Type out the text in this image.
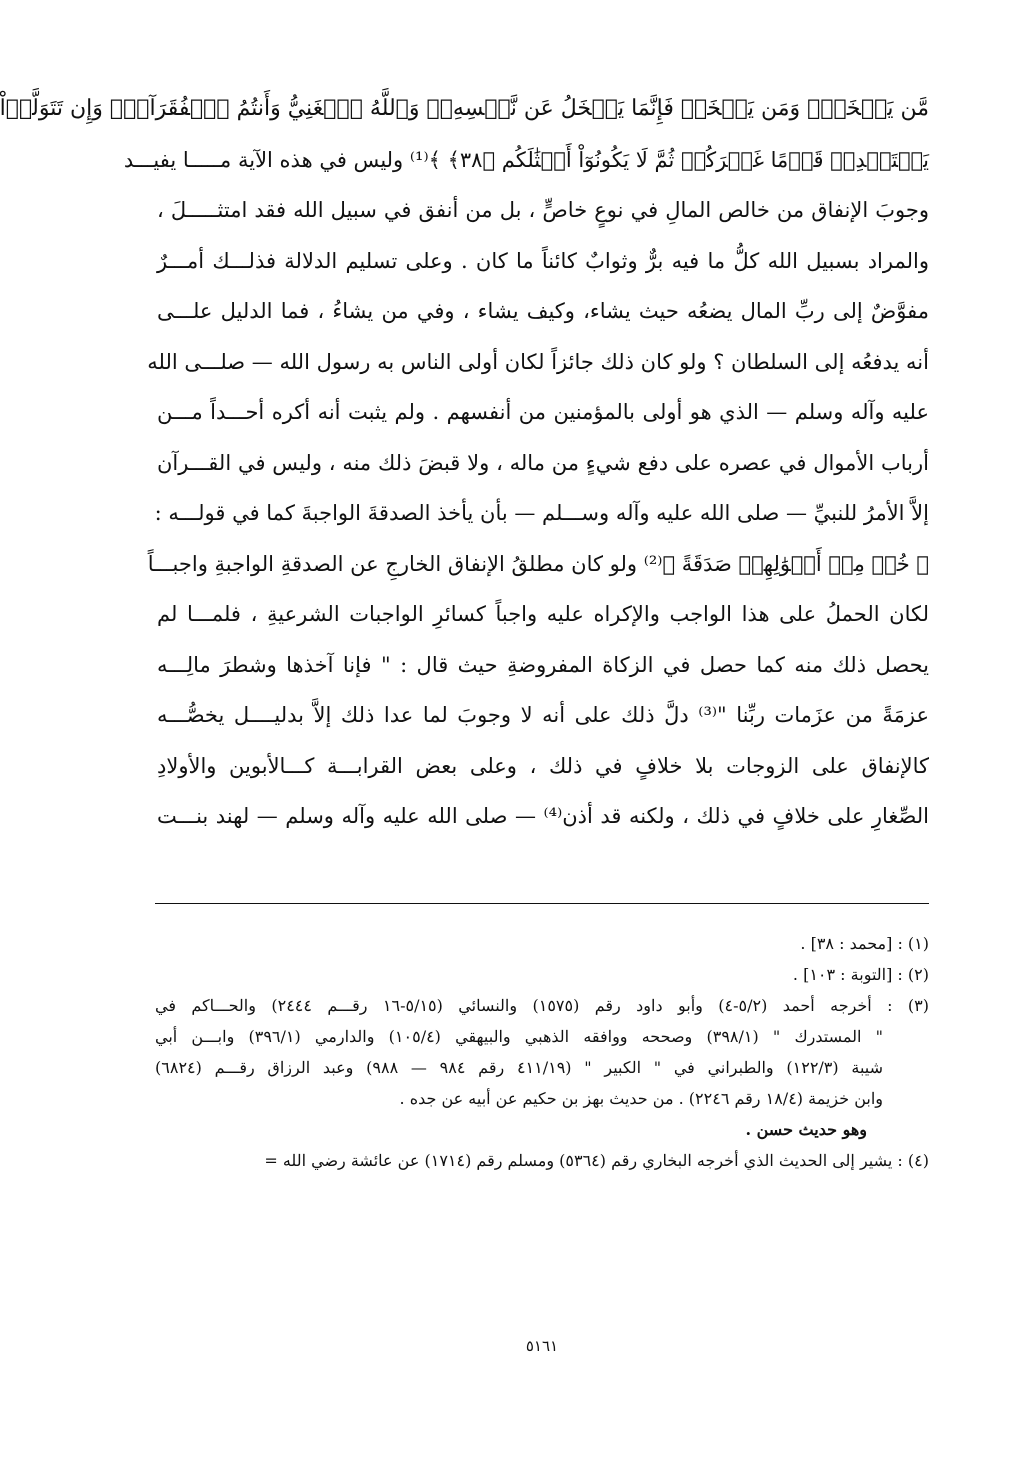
مَّن يَبۡخَلُۖ وَمَن يَبۡخَلۡ فَإِنَّمَا يَبۡخَلُ عَن نَّفۡسِهِۦۚ وَٱللَّهُ ٱلۡغَنِيُّ وَأَنتُمُ ٱلۡفُقَرَآءُۚ وَإِن تَتَوَلَّوۡاْ
يَسۡتَبۡدِلۡ قَوۡمًا غَيۡرَكُمۡ ثُمَّ لَا يَكُونُوٓاْ أَمۡثَٰلَكُم ﴿٣٨﴾ ﴾⁽¹⁾ وليس في هذه الآية مـــــا يفيـــد
وجوبَ الإنفاق من خالص المالِ في نوعٍ خاصٍّ ، بل من أنفق في سبيل الله فقد امتثـــــلَ ،
والمراد بسبيل الله كلُّ ما فيه برٌّ وثوابٌ كائناً ما كان . وعلى تسليم الدلالة فذلـــك أمـــرٌ
مفوَّضٌ إلى ربِّ المال يضعُه حيث يشاء، وكيف يشاء ، وفي من يشاءُ ، فما الدليل علـــى
أنه يدفعُه إلى السلطان ؟ ولو كان ذلك جائزاً لكان أولى الناس به رسول الله — صلـــى الله
عليه وآله وسلم — الذي هو أولى بالمؤمنين من أنفسهم . ولم يثبت أنه أكره أحـــداً مـــن
أرباب الأموال في عصره على دفع شيءٍ من ماله ، ولا قبضَ ذلك منه ، وليس في القـــرآن
إلاَّ الأمرُ للنبيِّ — صلى الله عليه وآله وســـلم — بأن يأخذ الصدقةَ الواجبةَ كما في قولـــه :
﴿ خُذۡ مِنۡ أَمۡوَٰلِهِمۡ صَدَقَةً ﴾⁽²⁾ ولو كان مطلقُ الإنفاق الخارجِ عن الصدقةِ الواجبةِ واجبـــاً
لكان الحملُ على هذا الواجب والإكراه عليه واجباً كسائرِ الواجبات الشرعيةِ ، فلمـــا لم
يحصل ذلك منه كما حصل في الزكاة المفروضةِ حيث قال : " فإنا آخذها وشطرَ مالِـــه
عزمَةً من عزَمات ربِّنا "⁽³⁾ دلَّ ذلك على أنه لا وجوبَ لما عدا ذلك إلاَّ بدليــــل يخصُّـــه
كالإنفاق على الزوجات بلا خلافٍ في ذلك ، وعلى بعض القرابـــة كـــالأبوين والأولادِ
الصِّغارِ على خلافٍ في ذلك ، ولكنه قد أذن⁽⁴⁾ — صلى الله عليه وآله وسلم — لهند بنـــت
(١) : [محمد : ٣٨] .
(٢) : [التوبة : ١٠٣] .
(٣) : أخرجه أحمد (٥/٢-٤) وأبو داود رقم (١٥٧٥) والنسائي (٥/١٥-١٦ رقـــم ٢٤٤٤) والحـــاكم في
" المستدرك " (٣٩٨/١) وصححه ووافقه الذهبي والبيهقي (١٠٥/٤) والدارمي (٣٩٦/١) وابـــن أبي
شيبة (١٢٢/٣) والطبراني في " الكبير " (٤١١/١٩ رقم ٩٨٤ — ٩٨٨) وعبد الرزاق رقـــم (٦٨٢٤)
وابن خزيمة (١٨/٤ رقم ٢٢٤٦) . من حديث بهز بن حكيم عن أبيه عن جده .
وهو حديث حسن .
(٤) : يشير إلى الحديث الذي أخرجه البخاري رقم (٥٣٦٤) ومسلم رقم (١٧١٤) عن عائشة رضي الله =
٥١٦١
